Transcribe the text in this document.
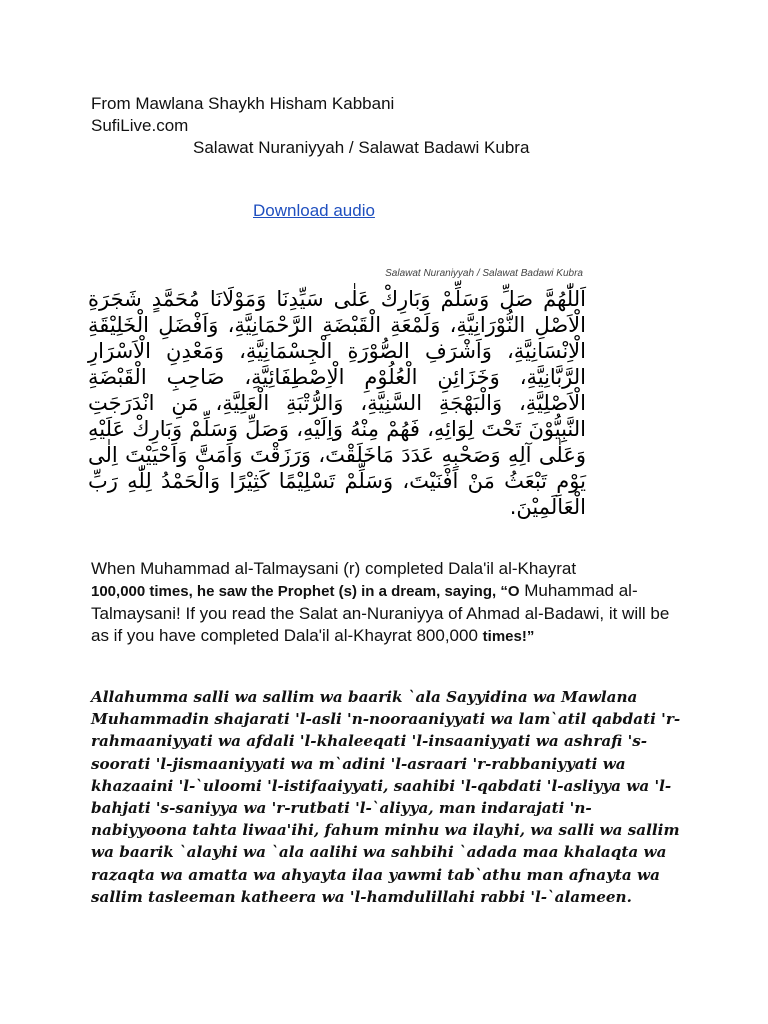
From Mawlana Shaykh Hisham Kabbani
SufiLive.com
Salawat Nuraniyyah / Salawat Badawi Kubra
Download audio
Salawat Nuraniyyah / Salawat Badawi Kubra
اَللّٰهُمَّ صَلِّ وَسَلِّمْ وَبَارِكْ عَلٰى سَيِّدِنَا وَمَوْلَانَا مُحَمَّدٍ شَجَرَةِ الْاَصْلِ النُّوْرَانِيَّةِ، وَلَمْعَةِ الْقَبْضَةِ الرَّحْمَانِيَّةِ، وَاَفْضَلِ الْخَلِيْقَةِ الْاِنْسَانِيَّةِ، وَاَشْرَفِ الصُّوْرَةِ الْجِسْمَانِيَّةِ، وَمَعْدِنِ الْاَسْرَارِ الرَّبَّانِيَّةِ، وَخَزَائِنِ الْعُلُوْمِ الْاِصْطِفَائِيَّةِ، صَاحِبِ الْقَبْضَةِ الْاَصْلِيَّةِ، وَالْبَهْجَةِ السَّنِيَّةِ، وَالرُّتْبَةِ الْعَلِيَّةِ، مَنِ انْدَرَجَتِ النَّبِيُّوْنَ تَحْتَ لِوَائِهِ، فَهُمْ مِنْهُ وَاِلَيْهِ، وَصَلِّ وَسَلِّمْ وَبَارِكْ عَلَيْهِ وَعَلٰى آلِهِ وَصَحْبِهِ عَدَدَ مَاخَلَقْتَ، وَرَزَقْتَ وَاَمَتَّ وَاَحْيَيْتَ اِلٰى يَوْمِ تَبْعَثُ مَنْ اَفْنَيْتَ، وَسَلِّمْ تَسْلِيْمًا كَثِيْرًا وَالْحَمْدُ لِلّٰهِ رَبِّ الْعَالَمِيْنَ.
When Muhammad al-Talmaysani (r) completed Dala'il al-Khayrat
100,000 times, he saw the Prophet (s) in a dream, saying, “O Muhammad al-Talmaysani! If you read the Salat an-Nuraniyya of Ahmad al-Badawi, it will be as if you have completed Dala'il al-Khayrat 800,000 times!”
Allahumma salli wa sallim wa baarik `ala Sayyidina wa Mawlana Muhammadin shajarati 'l-asli 'n-nooraaniyyati wa lam`atil qabdati 'r-rahmaaniyyati wa afdali 'l-khaleeqati 'l-insaaniyyati wa ashrafi 's-soorati 'l-jismaaniyyati wa m`adini 'l-asraari 'r-rabbaniyyati wa khazaaini 'l-`uloomi 'l-istifaaiyyati, saahibi 'l-qabdati 'l-asliyya wa 'l-bahjati 's-saniyya wa 'r-rutbati 'l-`aliyya, man indarajati 'n-nabiyyoona tahta liwaa'ihi, fahum minhu wa ilayhi, wa salli wa sallim wa baarik `alayhi wa `ala aalihi wa sahbihi `adada maa khalaqta wa razaqta wa amatta wa ahyayta ilaa yawmi tab`athu man afnayta wa sallim tasleeman katheera wa 'l-hamdulillahi rabbi 'l-`alameen.
